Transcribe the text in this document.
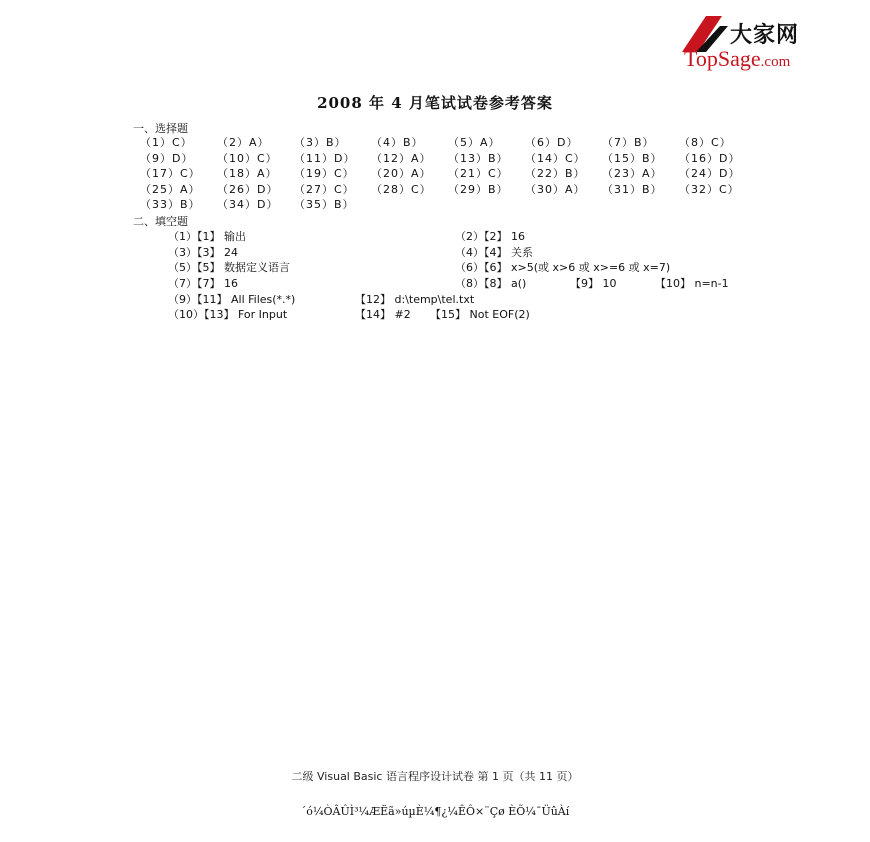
大家网
TopSage.com
2008 年 4 月笔试试卷参考答案
一、选择题
（1）C）	（2）A）	（3）B）	（4）B）	（5）A）	（6）D）	（7）B）	（8）C）
（9）D）	（10）C）	（11）D）	（12）A）	（13）B）	（14）C）	（15）B）	（16）D）
（17）C）	（18）A）	（19）C）	（20）A）	（21）C）	（22）B）	（23）A）	（24）D）
（25）A）	（26）D）	（27）C）	（28）C）	（29）B）	（30）A）	（31）B）	（32）C）
（33）B）	（34）D）	（35）B）
二、填空题
（1）【1】 输出	（2）【2】 16
（3）【3】 24	（4）【4】 关系
（5）【5】 数据定义语言	（6）【6】 x>5(或 x>6 或 x>=6 或 x=7)
（7）【7】 16	（8）【8】 a()	【9】 10	【10】 n=n-1
（9）【11】 All Files(*.*)	【12】 d:\temp\tel.txt
（10）【13】 For Input	【14】 #2 【15】 Not EOF(2)
二级 Visual Basic 语言程序设计试卷 第 1 页（共 11 页）
´ó¼ÒÂÛÌ³¼ÆËã»úµÈ¼¶¿¼ÊÔ×¨Çø ÈÕ¼¯ÜûÀí
